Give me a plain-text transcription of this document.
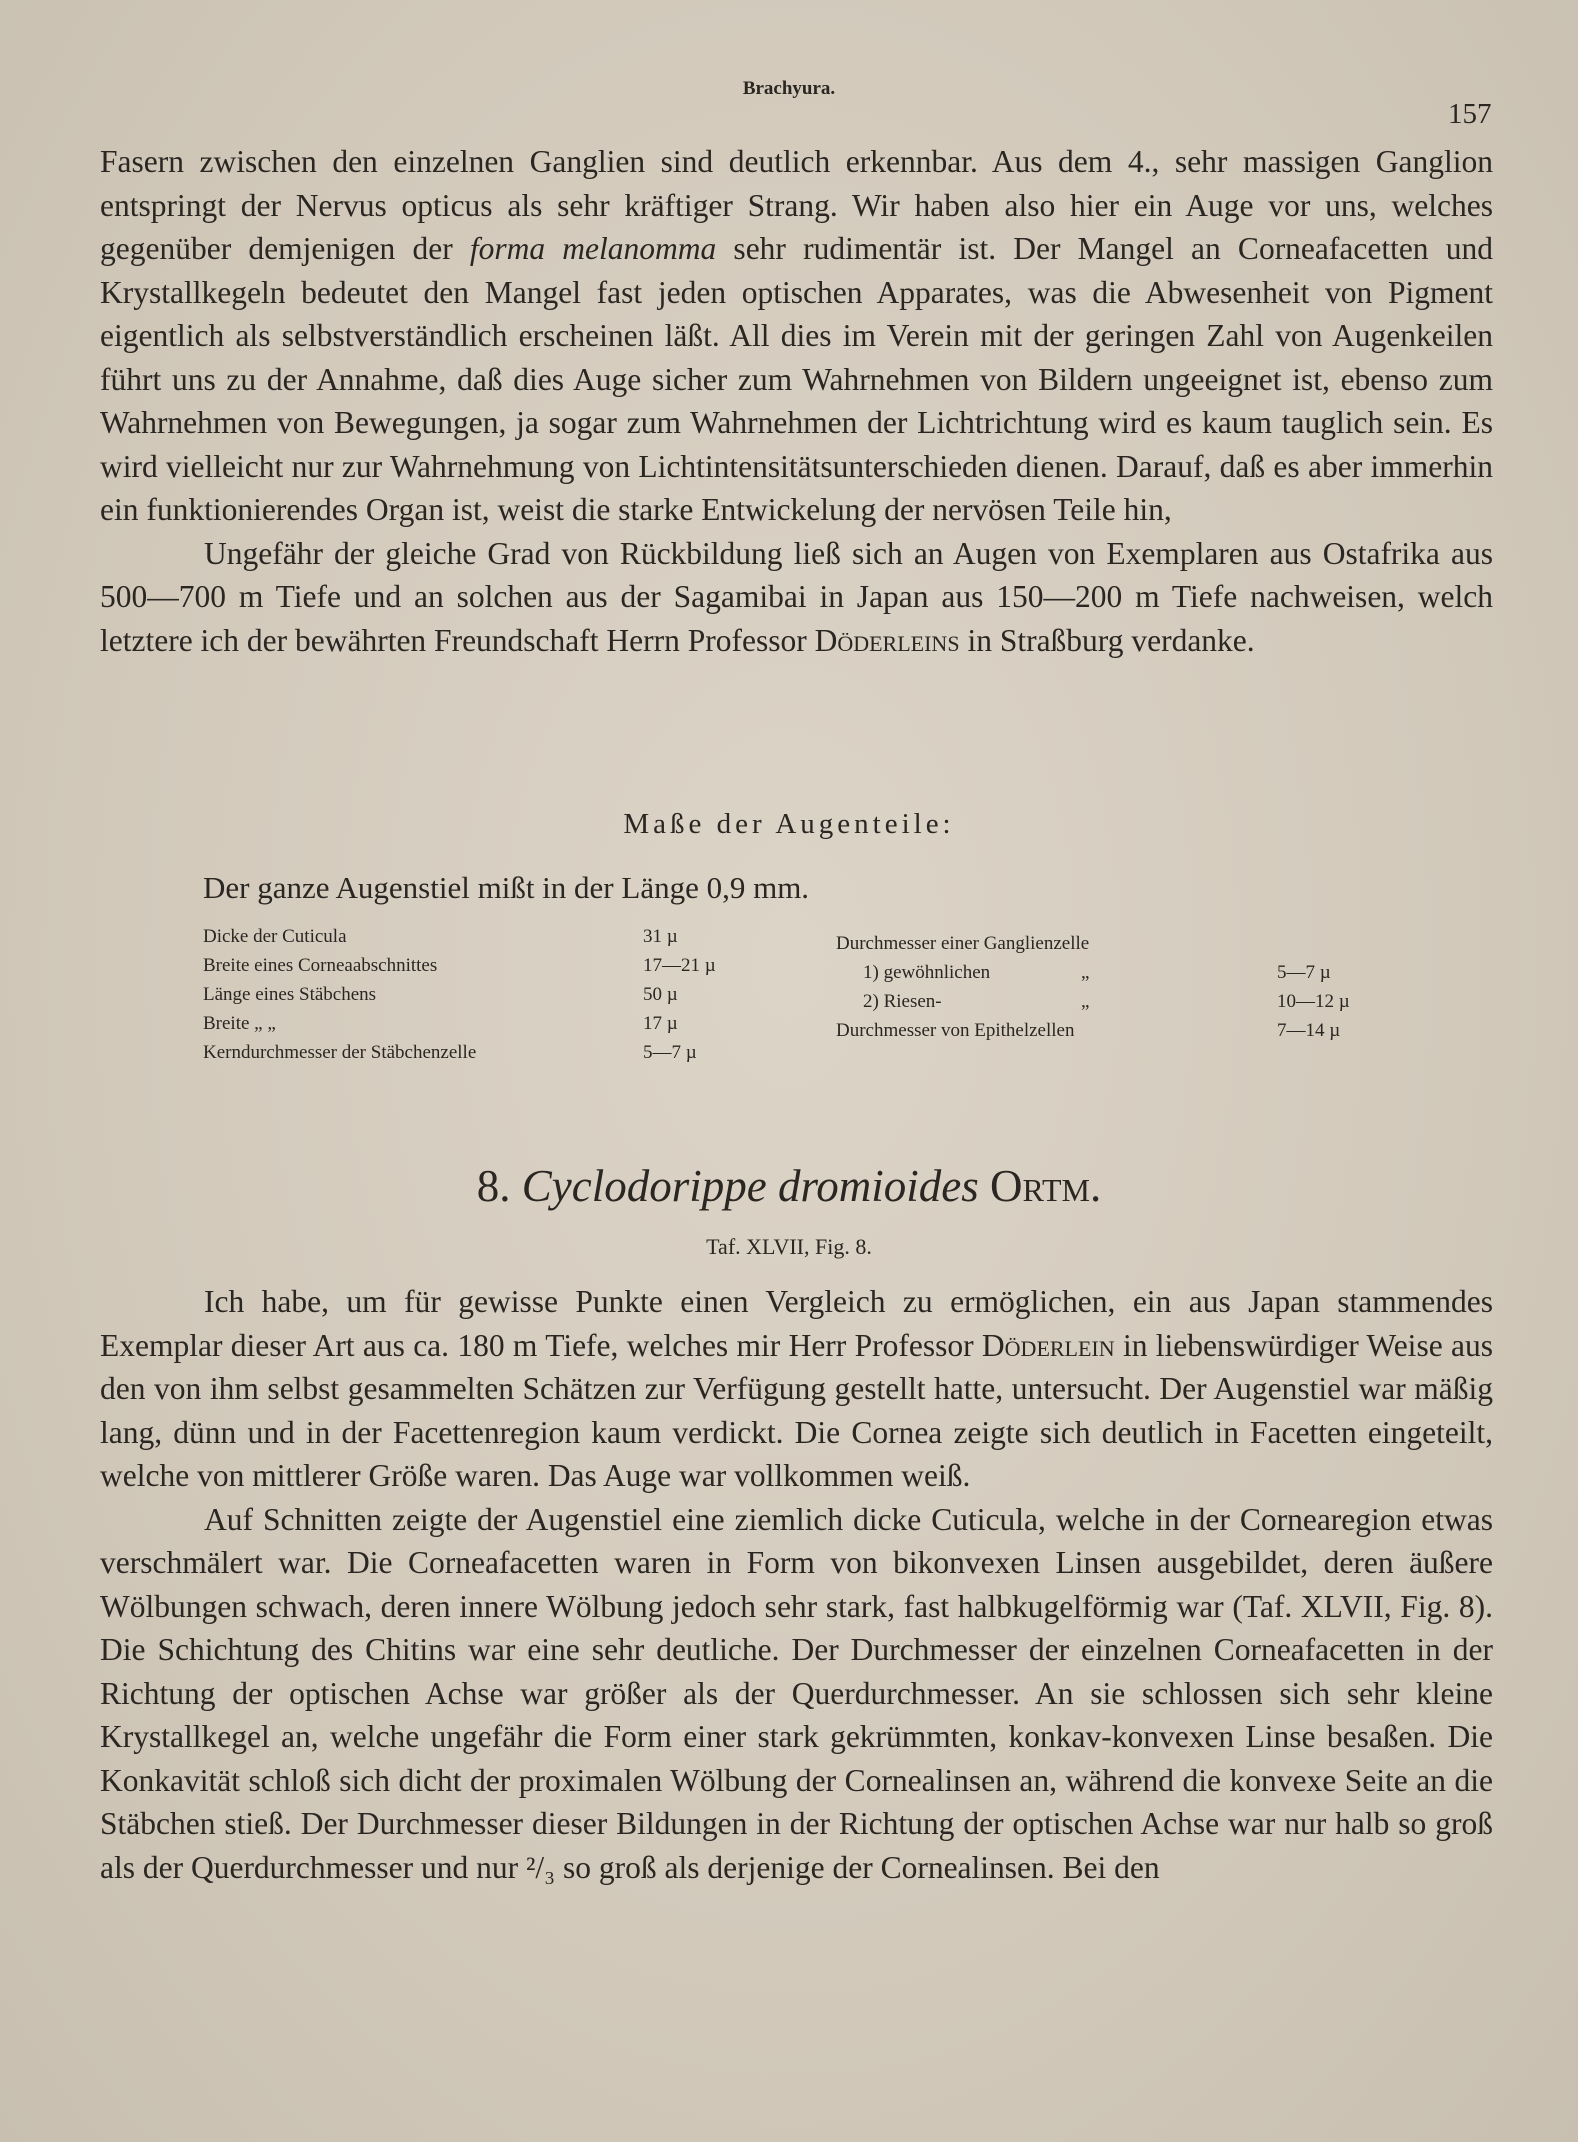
Brachyura.
157

Fasern zwischen den einzelnen Ganglien sind deutlich erkennbar. Aus dem 4., sehr massigen Ganglion entspringt der Nervus opticus als sehr kräftiger Strang. Wir haben also hier ein Auge vor uns, welches gegenüber demjenigen der forma melanomma sehr rudimentär ist. Der Mangel an Corneafacetten und Krystallkegeln bedeutet den Mangel fast jeden optischen Apparates, was die Abwesenheit von Pigment eigentlich als selbstverständlich erscheinen läßt. All dies im Verein mit der geringen Zahl von Augenkeilen führt uns zu der Annahme, daß dies Auge sicher zum Wahrnehmen von Bildern ungeeignet ist, ebenso zum Wahrnehmen von Bewegungen, ja sogar zum Wahrnehmen der Lichtrichtung wird es kaum tauglich sein. Es wird vielleicht nur zur Wahrnehmung von Lichtintensitätsunterschieden dienen. Darauf, daß es aber immerhin ein funktionierendes Organ ist, weist die starke Entwickelung der nervösen Teile hin,

Ungefähr der gleiche Grad von Rückbildung ließ sich an Augen von Exemplaren aus Ostafrika aus 500—700 m Tiefe und an solchen aus der Sagamibai in Japan aus 150—200 m Tiefe nachweisen, welch letztere ich der bewährten Freundschaft Herrn Professor Döderleins in Straßburg verdanke.

Maße der Augenteile:
Der ganze Augenstiel mißt in der Länge 0,9 mm.
Dicke der Cuticula	31 µ
Breite eines Corneaabschnittes	17—21 µ
Länge eines Stäbchens	50 µ
Breite „ „	17 µ
Kerndurchmesser der Stäbchenzelle	5—7 µ
Durchmesser einer Ganglienzelle
1) gewöhnlichen	„	5—7 µ
2) Riesen-	„	10—12 µ
Durchmesser von Epithelzellen	7—14 µ
8. Cyclodorippe dromioides Ortm.
Taf. XLVII, Fig. 8.

Ich habe, um für gewisse Punkte einen Vergleich zu ermöglichen, ein aus Japan stammendes Exemplar dieser Art aus ca. 180 m Tiefe, welches mir Herr Professor Döderlein in liebenswürdiger Weise aus den von ihm selbst gesammelten Schätzen zur Verfügung gestellt hatte, untersucht. Der Augenstiel war mäßig lang, dünn und in der Facettenregion kaum verdickt. Die Cornea zeigte sich deutlich in Facetten eingeteilt, welche von mittlerer Größe waren. Das Auge war vollkommen weiß.

Auf Schnitten zeigte der Augenstiel eine ziemlich dicke Cuticula, welche in der Cornearegion etwas verschmälert war. Die Corneafacetten waren in Form von bikonvexen Linsen ausgebildet, deren äußere Wölbungen schwach, deren innere Wölbung jedoch sehr stark, fast halbkugelförmig war (Taf. XLVII, Fig. 8). Die Schichtung des Chitins war eine sehr deutliche. Der Durchmesser der einzelnen Corneafacetten in der Richtung der optischen Achse war größer als der Querdurchmesser. An sie schlossen sich sehr kleine Krystallkegel an, welche ungefähr die Form einer stark gekrümmten, konkav-konvexen Linse besaßen. Die Konkavität schloß sich dicht der proximalen Wölbung der Cornealinsen an, während die konvexe Seite an die Stäbchen stieß. Der Durchmesser dieser Bildungen in der Richtung der optischen Achse war nur halb so groß als der Querdurchmesser und nur ²/₃ so groß als derjenige der Cornealinsen. Bei den
